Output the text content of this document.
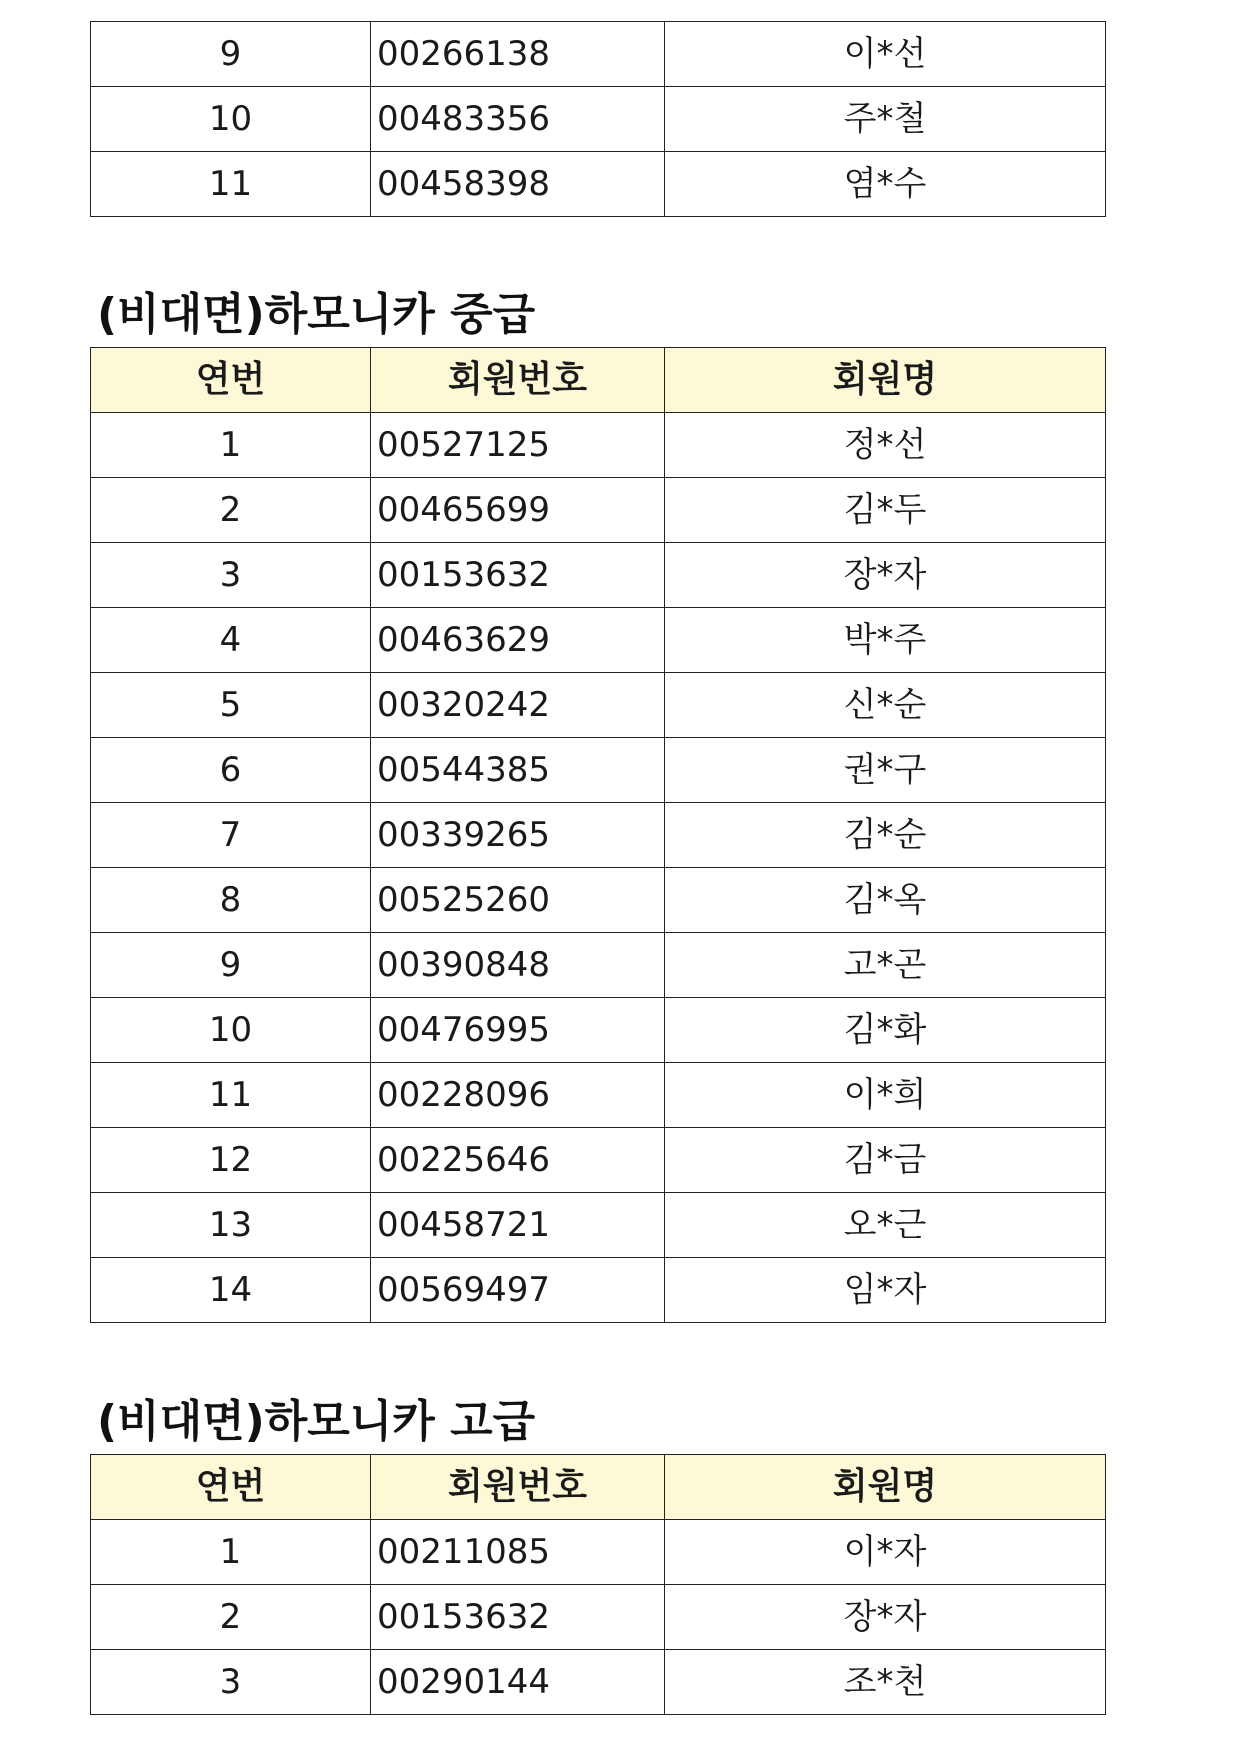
9	00266138	이*선
10	00483356	주*철
11	00458398	염*수
(비대면)하모니카 중급
연번	회원번호	회원명
1	00527125	정*선
2	00465699	김*두
3	00153632	장*자
4	00463629	박*주
5	00320242	신*순
6	00544385	권*구
7	00339265	김*순
8	00525260	김*옥
9	00390848	고*곤
10	00476995	김*화
11	00228096	이*희
12	00225646	김*금
13	00458721	오*근
14	00569497	임*자
(비대면)하모니카 고급
연번	회원번호	회원명
1	00211085	이*자
2	00153632	장*자
3	00290144	조*천
